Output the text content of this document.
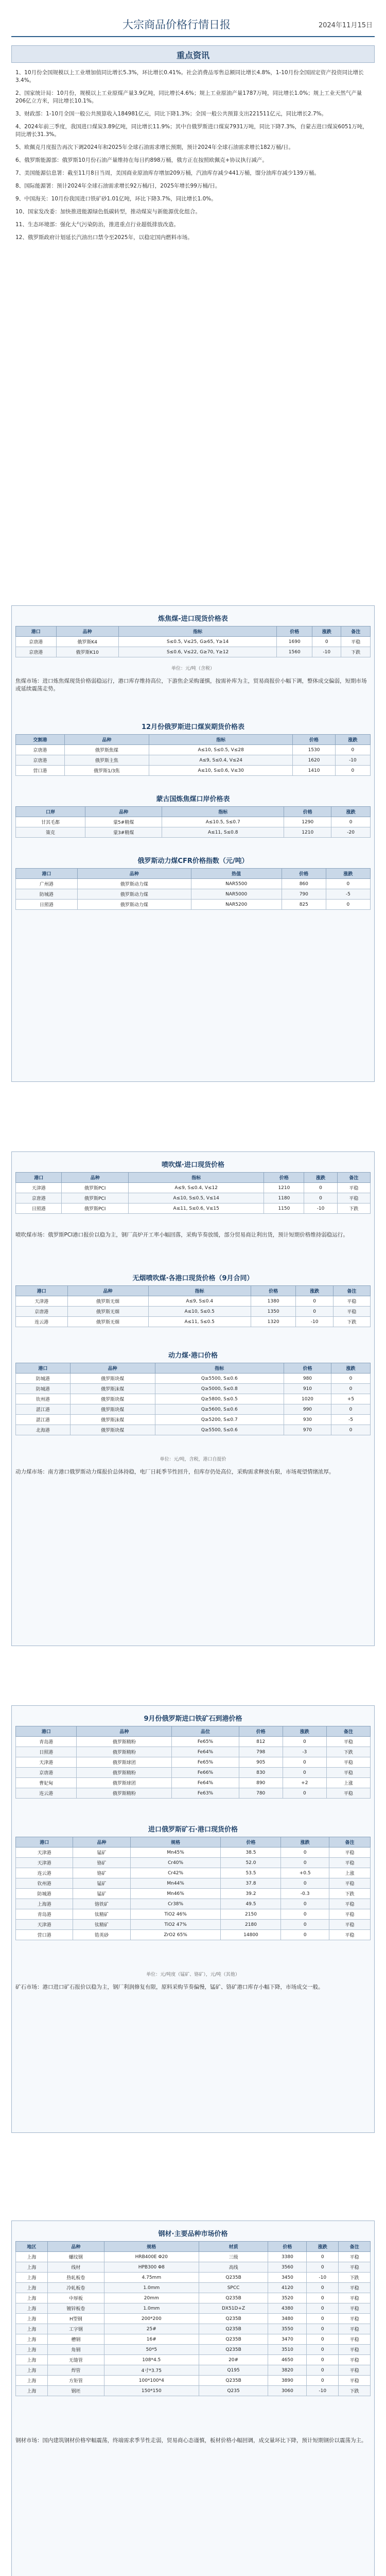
大宗商品价格行情日报	2024年11月15日
重点资讯

1、10月份全国规模以上工业增加值同比增长5.3%，环比增长0.41%。社会消费品零售总额同比增长4.8%，1-10月份全国固定资产投资同比增长3.4%。

2、国家统计局：10月份，规模以上工业原煤产量3.9亿吨，同比增长4.6%；规上工业原油产量1787万吨，同比增长1.0%；规上工业天然气产量206亿立方米，同比增长10.1%。

3、财政部：1-10月全国一般公共预算收入184981亿元，同比下降1.3%；全国一般公共预算支出221511亿元，同比增长2.7%。

4、2024年前三季度，我国进口煤炭3.89亿吨，同比增长11.9%；其中自俄罗斯进口煤炭7931万吨，同比下降7.3%，自蒙古进口煤炭6051万吨，同比增长31.3%。

5、欧佩克月度报告再次下调2024年和2025年全球石油需求增长预期，预计2024年全球石油需求增长182万桶/日。

6、俄罗斯能源部：俄罗斯10月份石油产量维持在每日约898万桶，俄方正在按照欧佩克+协议执行减产。

7、美国能源信息署：截至11月8日当周，美国商业原油库存增加209万桶，汽油库存减少441万桶，馏分油库存减少139万桶。

8、国际能源署：预计2024年全球石油需求增长92万桶/日，2025年增长99万桶/日。

9、中国海关：10月份我国进口铁矿砂1.01亿吨，环比下降3.7%，同比增长1.0%。

10、国家发改委：加快推进能源绿色低碳转型，推动煤炭与新能源优化组合。

11、生态环境部：强化大气污染防治，推进重点行业超低排放改造。

12、俄罗斯政府计划延长汽油出口禁令至2025年，以稳定国内燃料市场。

炼焦煤-进口现货价格表
港口	品种	指标	价格	涨跌	备注
京唐港	俄罗斯K4	S≤0.5, V≤25, G≥65, Y≥14	1690	0	平稳
京唐港	俄罗斯K10	S≤0.6, V≤22, G≥70, Y≥12	1560	-10	下跌
单位：元/吨（含税）
焦煤市场：进口炼焦煤现货价格弱稳运行，港口库存维持高位，下游焦企采购谨慎，按需补库为主，贸易商报价小幅下调，整体成交偏弱，短期市场或延续震荡走势。
12月份俄罗斯进口煤炭期货价格表
交割港	品种	指标	价格	涨跌
京唐港	俄罗斯焦煤	A≤10, S≤0.5, V≤28	1530	0
京唐港	俄罗斯主焦	A≤9, S≤0.4, V≤24	1620	-10
营口港	俄罗斯1/3焦	A≤10, S≤0.6, V≤30	1410	0
蒙古国炼焦煤口岸价格表
口岸	品种	指标	价格	涨跌
甘其毛都	蒙5#精煤	A≤10.5, S≤0.7	1290	0
策克	蒙3#精煤	A≤11, S≤0.8	1210	-20
俄罗斯动力煤CFR价格指数（元/吨）
港口	品种	热值	价格	涨跌
广州港	俄罗斯动力煤	NAR5500	860	0
防城港	俄罗斯动力煤	NAR5000	790	-5
日照港	俄罗斯动力煤	NAR5200	825	0
喷吹煤·进口现货价格
港口	品种	指标	价格	涨跌	备注
天津港	俄罗斯PCI	A≤9, S≤0.4, V≤12	1210	0	平稳
京唐港	俄罗斯PCI	A≤10, S≤0.5, V≤14	1180	0	平稳
日照港	俄罗斯PCI	A≤11, S≤0.6, V≤15	1150	-10	下跌
喷吹煤市场：俄罗斯PCI港口报价以稳为主，钢厂高炉开工率小幅回落，采购节奏放缓，部分贸易商让利出货，预计短期价格维持弱稳运行。
无烟喷吹煤·各港口现货价格（9月合同）
港口	品种	指标	价格	涨跌	备注
天津港	俄罗斯无烟	A≤9, S≤0.4	1380	0	平稳
京唐港	俄罗斯无烟	A≤10, S≤0.5	1350	0	平稳
连云港	俄罗斯无烟	A≤11, S≤0.5	1320	-10	下跌
动力煤·港口价格
港口	品种	指标	价格	涨跌
防城港	俄罗斯块煤	Q≥5500, S≤0.6	980	0
防城港	俄罗斯沫煤	Q≥5000, S≤0.8	910	0
钦州港	俄罗斯块煤	Q≥5800, S≤0.5	1020	+5
湛江港	俄罗斯块煤	Q≥5600, S≤0.6	990	0
湛江港	俄罗斯沫煤	Q≥5200, S≤0.7	930	-5
北海港	俄罗斯块煤	Q≥5500, S≤0.6	970	0
单位：元/吨，含税，港口自提价
动力煤市场：南方港口俄罗斯动力煤报价总体持稳，电厂日耗季节性回升，但库存仍处高位，采购需求释放有限，市场观望情绪浓厚。
9月份俄罗斯进口铁矿石到港价格
港口	品种	品位	价格	涨跌	备注
青岛港	俄罗斯精粉	Fe65%	812	0	平稳
日照港	俄罗斯精粉	Fe64%	798	-3	下跌
天津港	俄罗斯球团	Fe65%	905	0	平稳
京唐港	俄罗斯精粉	Fe66%	830	0	平稳
曹妃甸	俄罗斯球团	Fe64%	890	+2	上涨
连云港	俄罗斯精粉	Fe63%	780	0	平稳
进口俄罗斯矿石·港口现货价格
港口	品种	规格	价格	涨跌	备注
天津港	锰矿	Mn45%	38.5	0	平稳
天津港	铬矿	Cr40%	52.0	0	平稳
连云港	铬矿	Cr42%	53.5	+0.5	上涨
钦州港	锰矿	Mn44%	37.8	0	平稳
防城港	锰矿	Mn46%	39.2	-0.3	下跌
上海港	铬铁矿	Cr38%	49.5	0	平稳
青岛港	钛精矿	TiO2 46%	2150	0	平稳
天津港	钛精矿	TiO2 47%	2180	0	平稳
营口港	锆英砂	ZrO2 65%	14800	0	平稳
单位：元/吨度（锰矿、铬矿），元/吨（其他）
矿石市场：港口进口矿石报价以稳为主，钢厂利润修复有限，原料采购节奏偏慢，锰矿、铬矿港口库存小幅下降，市场成交一般。
钢材·主要品种市场价格
地区	品种	规格	材质	价格	涨跌	备注
上海	螺纹钢	HRB400E Φ20	三级	3380	0	平稳
上海	线材	HPB300 Φ8	高线	3560	0	平稳
上海	热轧板卷	4.75mm	Q235B	3450	-10	下跌
上海	冷轧板卷	1.0mm	SPCC	4120	0	平稳
上海	中厚板	20mm	Q235B	3520	0	平稳
上海	镀锌板卷	1.0mm	DX51D+Z	4380	0	平稳
上海	H型钢	200*200	Q235B	3480	0	平稳
上海	工字钢	25#	Q235B	3550	0	平稳
上海	槽钢	16#	Q235B	3470	0	平稳
上海	角钢	50*5	Q235B	3510	0	平稳
上海	无缝管	108*4.5	20#	4650	0	平稳
上海	焊管	4寸*3.75	Q195	3820	0	平稳
上海	方矩管	100*100*4	Q235B	3890	0	平稳
上海	钢坯	150*150	Q235	3060	-10	下跌
钢材市场：国内建筑钢材价格窄幅震荡，终端需求季节性走弱，贸易商心态谨慎，板材价格小幅回调，成交量环比下降，预计短期钢价以震荡为主。
